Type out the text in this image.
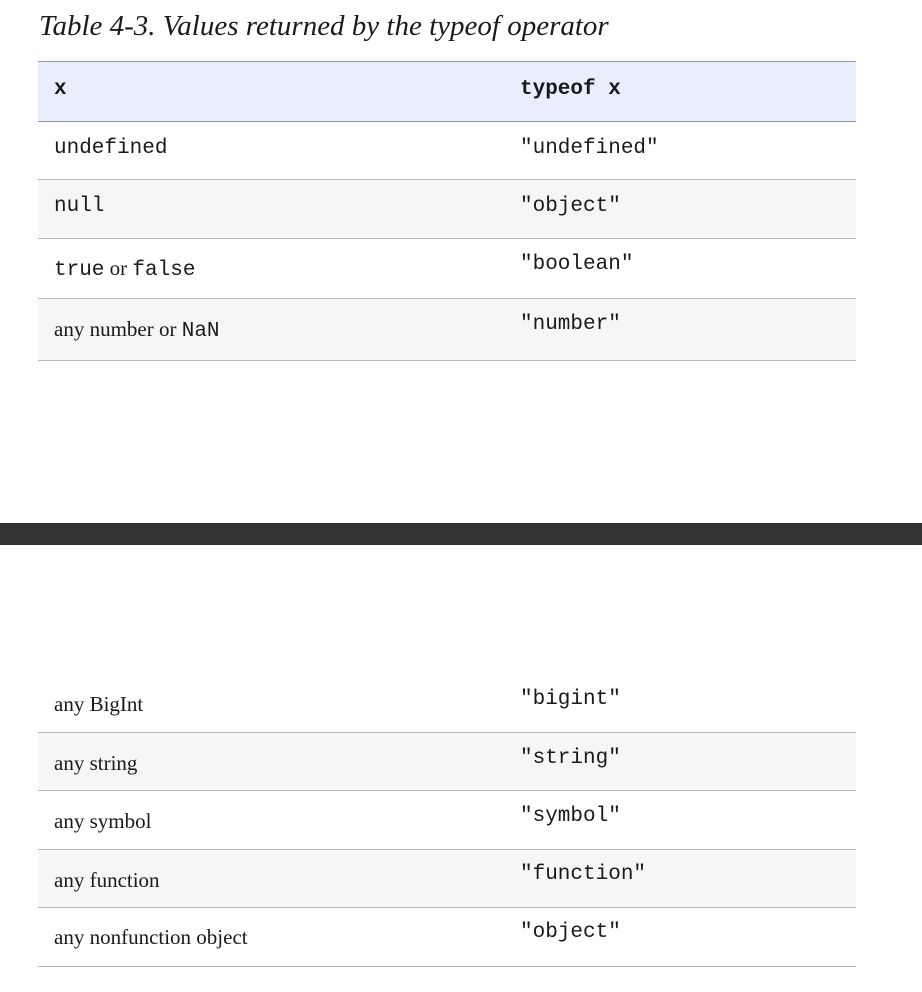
Table 4-3. Values returned by the typeof operator
x	typeof x
undefined	"undefined"
null	"object"
true or false	"boolean"
any number or NaN	"number"
any BigInt	"bigint"
any string	"string"
any symbol	"symbol"
any function	"function"
any nonfunction object	"object"
